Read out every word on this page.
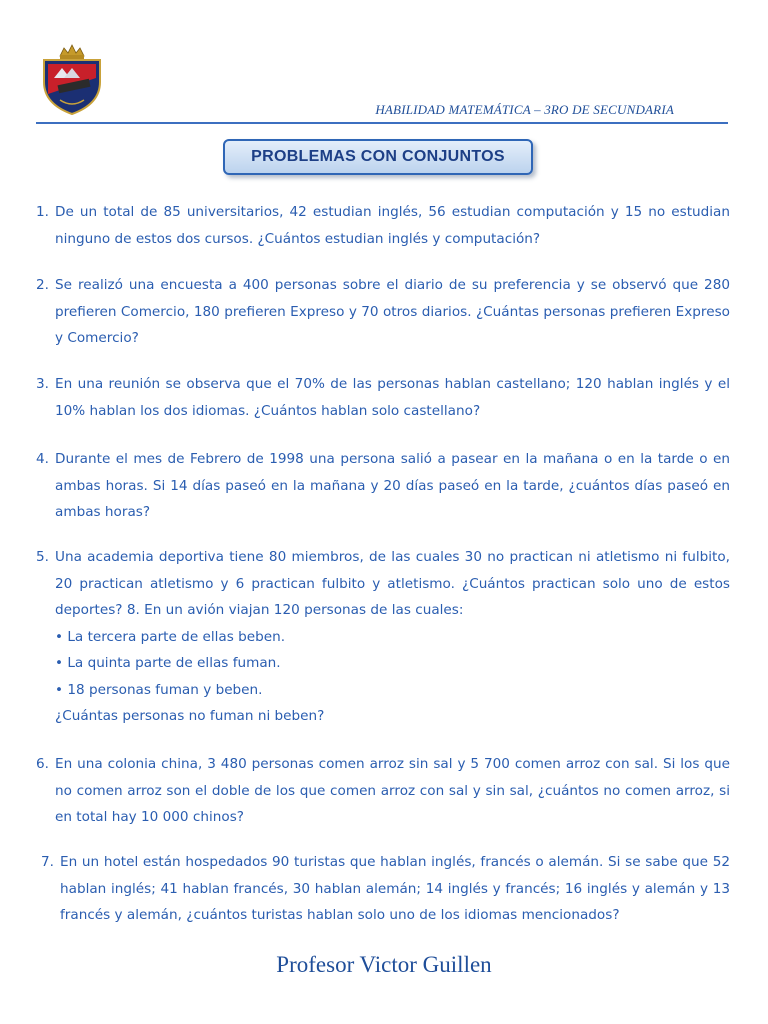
HABILIDAD MATEMÁTICA – 3RO DE SECUNDARIA
PROBLEMAS CON CONJUNTOS
1. De un total de 85 universitarios, 42 estudian inglés, 56 estudian computación y 15 no estudian ninguno de estos dos cursos. ¿Cuántos estudian inglés y computación?
2. Se realizó una encuesta a 400 personas sobre el diario de su preferencia y se observó que 280 prefieren Comercio, 180 prefieren Expreso y 70 otros diarios. ¿Cuántas personas prefieren Expreso y Comercio?
3. En una reunión se observa que el 70% de las personas hablan castellano; 120 hablan inglés y el 10% hablan los dos idiomas. ¿Cuántos hablan solo castellano?
4. Durante el mes de Febrero de 1998 una persona salió a pasear en la mañana o en la tarde o en ambas horas. Si 14 días paseó en la mañana y 20 días paseó en la tarde, ¿cuántos días paseó en ambas horas?
5. Una academia deportiva tiene 80 miembros, de las cuales 30 no practican ni atletismo ni fulbito, 20 practican atletismo y 6 practican fulbito y atletismo. ¿Cuántos practican solo uno de estos deportes? 8. En un avión viajan 120 personas de las cuales:
• La tercera parte de ellas beben.
• La quinta parte de ellas fuman.
• 18 personas fuman y beben.
¿Cuántas personas no fuman ni beben?
6. En una colonia china, 3 480 personas comen arroz sin sal y 5 700 comen arroz con sal. Si los que no comen arroz son el doble de los que comen arroz con sal y sin sal, ¿cuántos no comen arroz, si en total hay 10 000 chinos?
7. En un hotel están hospedados 90 turistas que hablan inglés, francés o alemán. Si se sabe que 52 hablan inglés; 41 hablan francés, 30 hablan alemán; 14 inglés y francés; 16 inglés y alemán y 13 francés y alemán, ¿cuántos turistas hablan solo uno de los idiomas mencionados?
Profesor Victor Guillen
